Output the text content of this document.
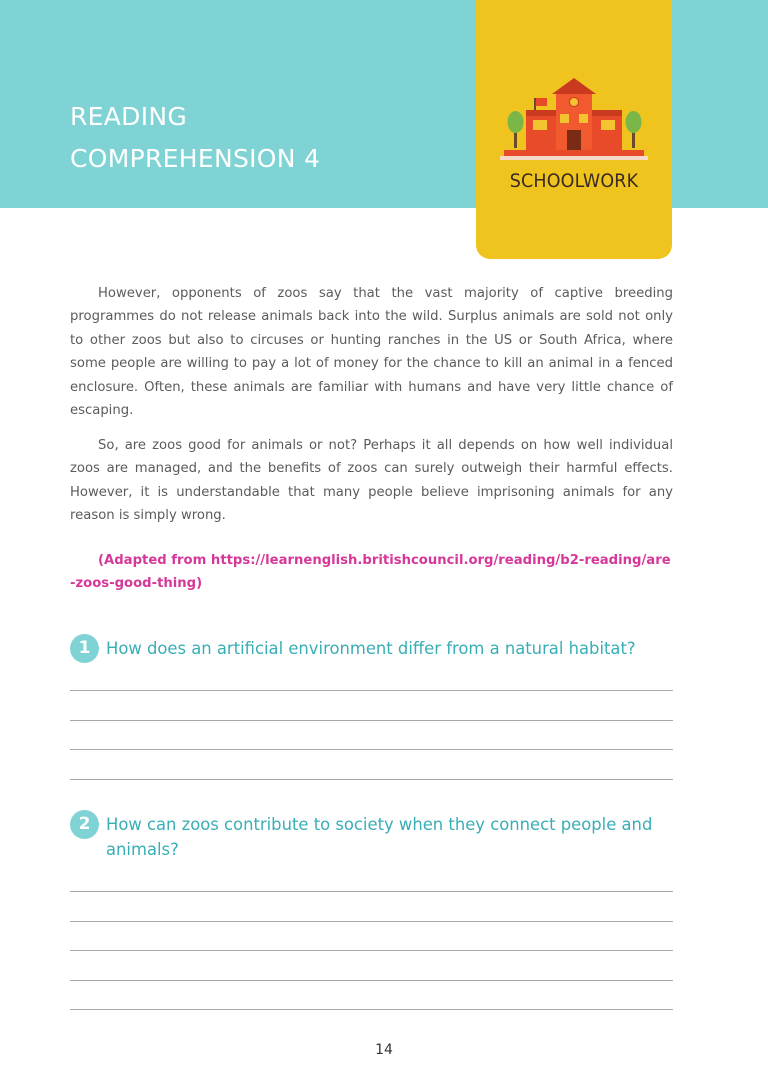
READING
COMPREHENSION 4
SCHOOLWORK

However, opponents of zoos say that the vast majority of captive breeding programmes do not release animals back into the wild. Surplus animals are sold not only to other zoos but also to circuses or hunting ranches in the US or South Africa, where some people are willing to pay a lot of money for the chance to kill an animal in a fenced enclosure. Often, these animals are familiar with humans and have very little chance of escaping.

So, are zoos good for animals or not? Perhaps it all depends on how well individual zoos are managed, and the benefits of zoos can surely outweigh their harmful effects. However, it is understandable that many people believe imprisoning animals for any reason is simply wrong.

(Adapted from https://learnenglish.britishcouncil.org/reading/b2-reading/are-zoos-good-thing)

1 How does an artificial environment differ from a natural habitat?

2 How can zoos contribute to society when they connect people and animals?

14
